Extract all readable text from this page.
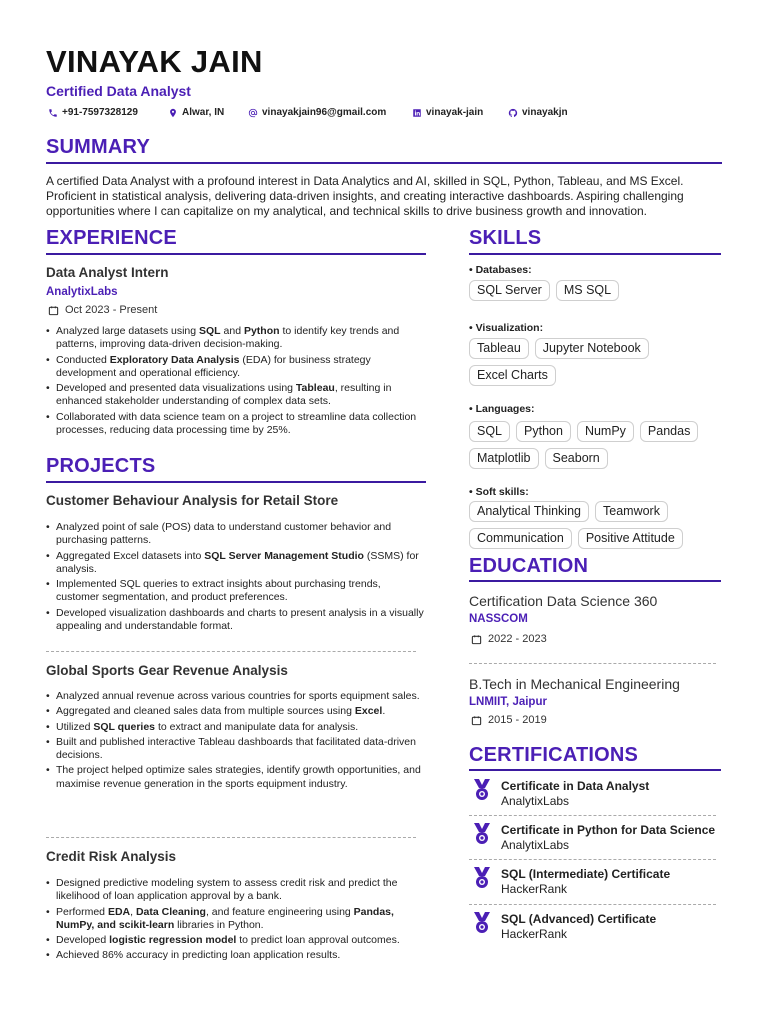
VINAYAK JAIN
Certified Data Analyst
+91-7597328129	Alwar, IN	vinayakjain96@gmail.com	vinayak-jain	vinayakjn
SUMMARY
A certified Data Analyst with a profound interest in Data Analytics and AI, skilled in SQL, Python, Tableau, and MS Excel. Proficient in statistical analysis, delivering data-driven insights, and creating interactive dashboards. Aspiring challenging opportunities where I can capitalize on my analytical, and technical skills to drive business growth and innovation.
EXPERIENCE
Data Analyst Intern
AnalytixLabs
Oct 2023 - Present
• Analyzed large datasets using SQL and Python to identify key trends and patterns, improving data-driven decision-making.
• Conducted Exploratory Data Analysis (EDA) for business strategy development and operational efficiency.
• Developed and presented data visualizations using Tableau, resulting in enhanced stakeholder understanding of complex data sets.
• Collaborated with data science team on a project to streamline data collection processes, reducing data processing time by 25%.
PROJECTS
Customer Behaviour Analysis for Retail Store
• Analyzed point of sale (POS) data to understand customer behavior and purchasing patterns.
• Aggregated Excel datasets into SQL Server Management Studio (SSMS) for analysis.
• Implemented SQL queries to extract insights about purchasing trends, customer segmentation, and product preferences.
• Developed visualization dashboards and charts to present analysis in a visually appealing and understandable format.
Global Sports Gear Revenue Analysis
• Analyzed annual revenue across various countries for sports equipment sales.
• Aggregated and cleaned sales data from multiple sources using Excel.
• Utilized SQL queries to extract and manipulate data for analysis.
• Built and published interactive Tableau dashboards that facilitated data-driven decisions.
• The project helped optimize sales strategies, identify growth opportunities, and maximise revenue generation in the sports equipment industry.
Credit Risk Analysis
• Designed predictive modeling system to assess credit risk and predict the likelihood of loan application approval by a bank.
• Performed EDA, Data Cleaning, and feature engineering using Pandas, NumPy, and scikit-learn libraries in Python.
• Developed logistic regression model to predict loan approval outcomes.
• Achieved 86% accuracy in predicting loan application results.
SKILLS
• Databases:
SQL Server	MS SQL
• Visualization:
Tableau	Jupyter Notebook
Excel Charts
• Languages:
SQL	Python	NumPy	Pandas
Matplotlib	Seaborn
• Soft skills:
Analytical Thinking	Teamwork
Communication	Positive Attitude
EDUCATION
Certification Data Science 360
NASSCOM
2022 - 2023
B.Tech in Mechanical Engineering
LNMIIT, Jaipur
2015 - 2019
CERTIFICATIONS
Certificate in Data Analyst
AnalytixLabs
Certificate in Python for Data Science
AnalytixLabs
SQL (Intermediate) Certificate
HackerRank
SQL (Advanced) Certificate
HackerRank
